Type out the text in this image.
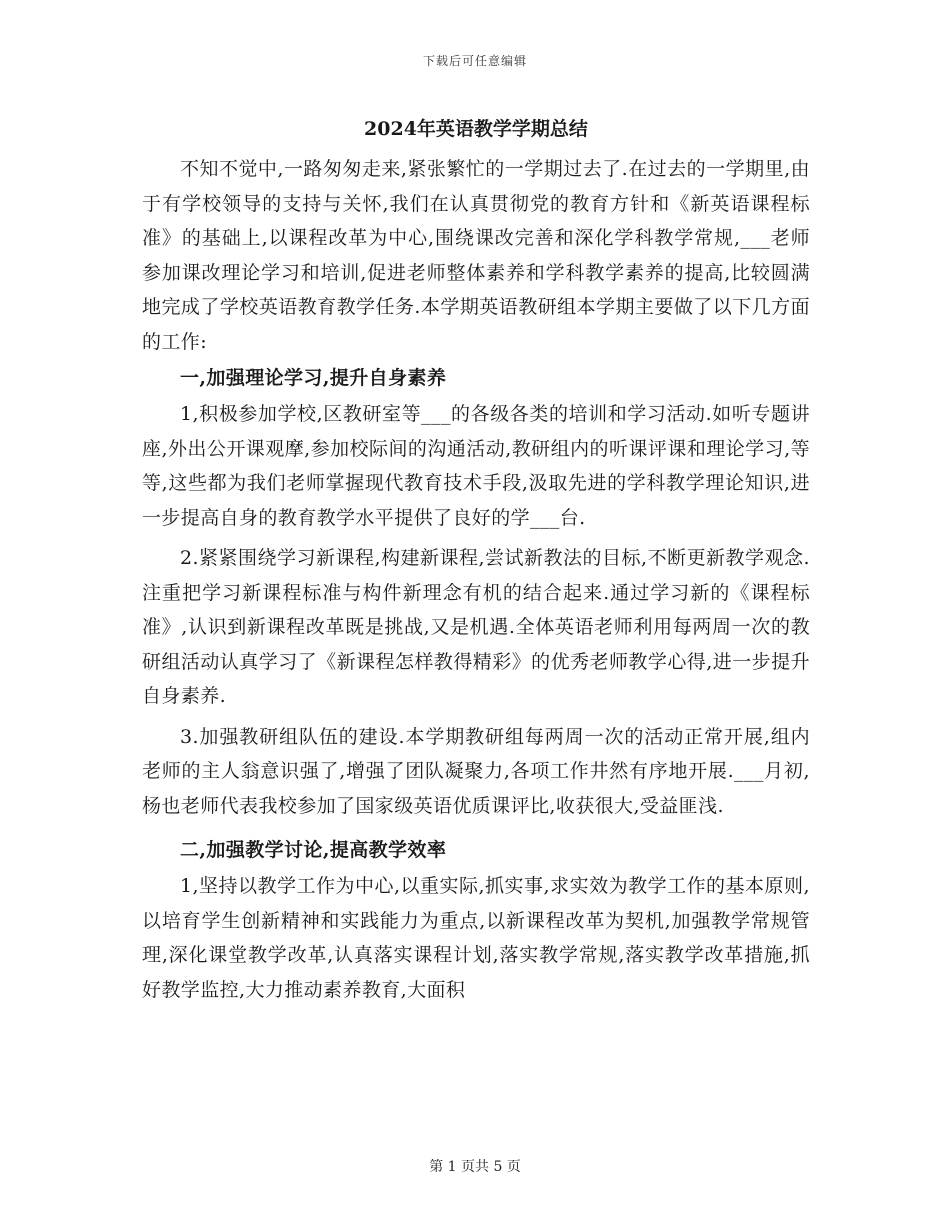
下载后可任意编辑
2024年英语教学学期总结

不知不觉中,一路匆匆走来,紧张繁忙的一学期过去了.在过去的一学期里,由于有学校领导的支持与关怀,我们在认真贯彻党的教育方针和《新英语课程标准》的基础上,以课程改革为中心,围绕课改完善和深化学科教学常规,___老师参加课改理论学习和培训,促进老师整体素养和学科教学素养的提高,比较圆满地完成了学校英语教育教学任务.本学期英语教研组本学期主要做了以下几方面的工作:

一,加强理论学习,提升自身素养

1,积极参加学校,区教研室等___的各级各类的培训和学习活动.如听专题讲座,外出公开课观摩,参加校际间的沟通活动,教研组内的听课评课和理论学习,等等,这些都为我们老师掌握现代教育技术手段,汲取先进的学科教学理论知识,进一步提高自身的教育教学水平提供了良好的学___台.

2.紧紧围绕学习新课程,构建新课程,尝试新教法的目标,不断更新教学观念.注重把学习新课程标准与构件新理念有机的结合起来.通过学习新的《课程标准》,认识到新课程改革既是挑战,又是机遇.全体英语老师利用每两周一次的教研组活动认真学习了《新课程怎样教得精彩》的优秀老师教学心得,进一步提升自身素养.

3.加强教研组队伍的建设.本学期教研组每两周一次的活动正常开展,组内老师的主人翁意识强了,增强了团队凝聚力,各项工作井然有序地开展.___月初,杨也老师代表我校参加了国家级英语优质课评比,收获很大,受益匪浅.

二,加强教学讨论,提高教学效率

1,坚持以教学工作为中心,以重实际,抓实事,求实效为教学工作的基本原则,以培育学生创新精神和实践能力为重点,以新课程改革为契机,加强教学常规管理,深化课堂教学改革,认真落实课程计划,落实教学常规,落实教学改革措施,抓好教学监控,大力推动素养教育,大面积

第 1 页共 5 页
